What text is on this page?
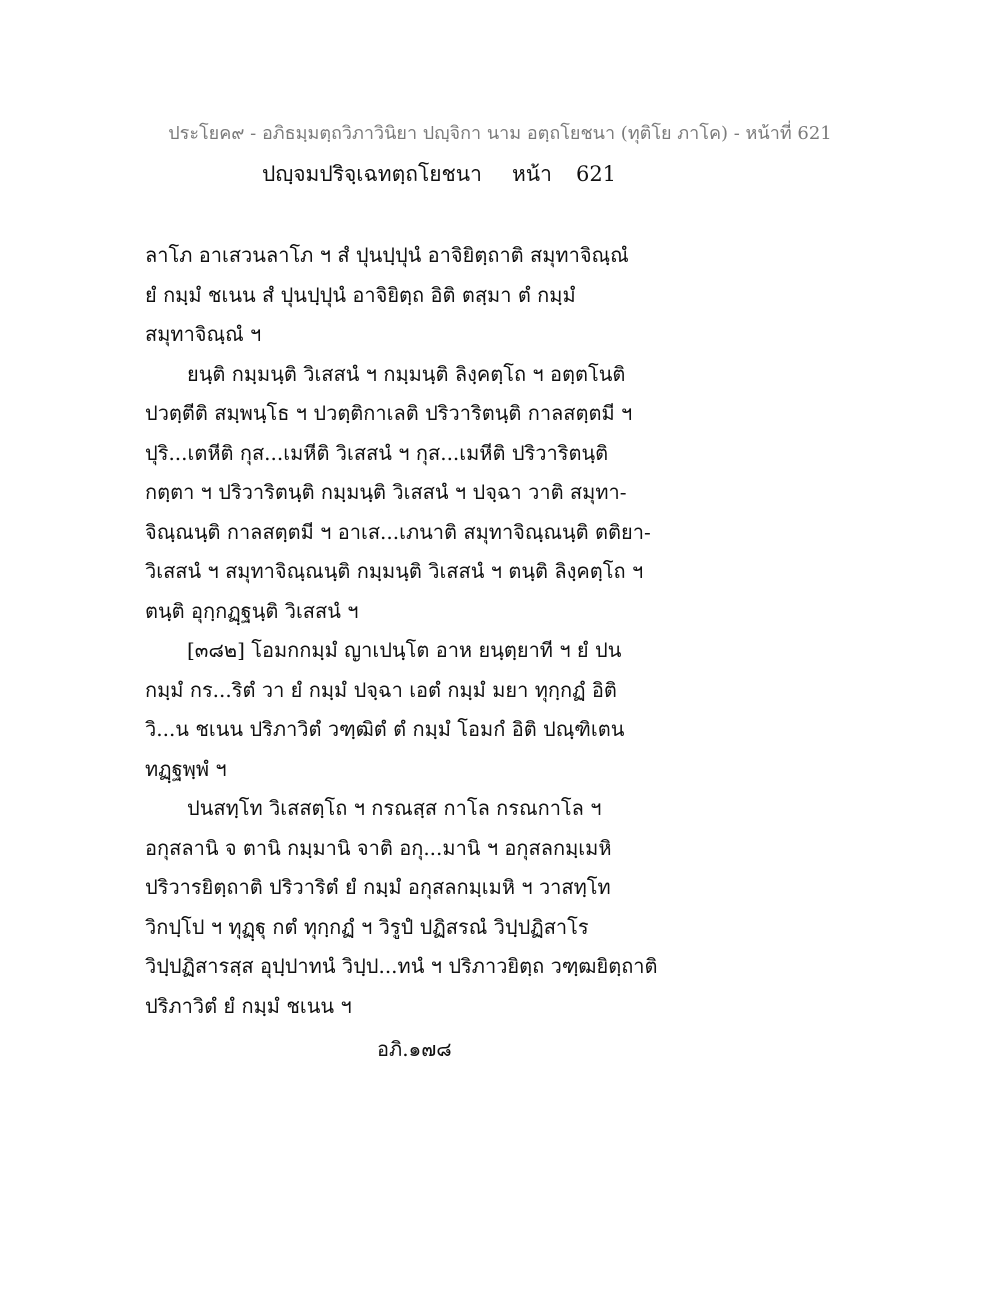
ประโยค๙ - อภิธมฺมตฺถวิภาวินิยา ปญฺจิกา นาม อตฺถโยชนา (ทุติโย ภาโค) - หน้าที่ 621
ปญฺจมปริจฺเฉทตฺถโยชนา หน้า 621
ลาโภ อาเสวนลาโภ ฯ สํ ปุนปฺปุนํ อาจิยิตฺถาติ สมุทาจิณฺณํ
ยํ กมฺมํ ชเนน สํ ปุนปฺปุนํ อาจิยิตฺถ อิติ ตสฺมา ตํ กมฺมํ
สมุทาจิณฺณํ ฯ
ยนฺติ กมฺมนฺติ วิเสสนํ ฯ กมฺมนฺติ ลิงฺคตฺโถ ฯ อตฺตโนติ
ปวตฺตีติ สมฺพนฺโธ ฯ ปวตฺติกาเลติ ปริวาริตนฺติ กาลสตฺตมี ฯ
ปุริ...เตหีติ กุส...เมหีติ วิเสสนํ ฯ กุส...เมหีติ ปริวาริตนฺติ
กตฺตา ฯ ปริวาริตนฺติ กมฺมนฺติ วิเสสนํ ฯ ปจฺฉา วาติ สมุทา-
จิณฺณนฺติ กาลสตฺตมี ฯ อาเส...เภนาติ สมุทาจิณฺณนฺติ ตติยา-
วิเสสนํ ฯ สมุทาจิณฺณนฺติ กมฺมนฺติ วิเสสนํ ฯ ตนฺติ ลิงฺคตฺโถ ฯ
ตนฺติ อุกฺกฏฺฐนฺติ วิเสสนํ ฯ
[๓๘๒] โอมกกมฺมํ ญาเปนฺโต อาห ยนฺตฺยาที ฯ ยํ ปน
กมฺมํ กร...ริตํ วา ยํ กมฺมํ ปจฺฉา เอตํ กมฺมํ มยา ทุกฺกฏํ อิติ
วิ...น ชเนน ปริภาวิตํ วฑฺฒิตํ ตํ กมฺมํ โอมกํ อิติ ปณฺฑิเตน
ทฏฺฐพฺพํ ฯ
ปนสทฺโท วิเสสตฺโถ ฯ กรณสฺส กาโล กรณกาโล ฯ
อกุสลานิ จ ตานิ กมฺมานิ จาติ อกุ...มานิ ฯ อกุสลกมฺเมหิ
ปริวารยิตฺถาติ ปริวาริตํ ยํ กมฺมํ อกุสลกมฺเมหิ ฯ วาสทฺโท
วิกปฺโป ฯ ทุฏฺฐุ กตํ ทุกฺกฏํ ฯ วิรูปํ ปฏิสรณํ วิปฺปฏิสาโร
วิปฺปฏิสารสฺส อุปฺปาทนํ วิปฺป...ทนํ ฯ ปริภาวยิตฺถ วฑฺฒยิตฺถาติ
ปริภาวิตํ ยํ กมฺมํ ชเนน ฯ
อภิ.๑๗๘
